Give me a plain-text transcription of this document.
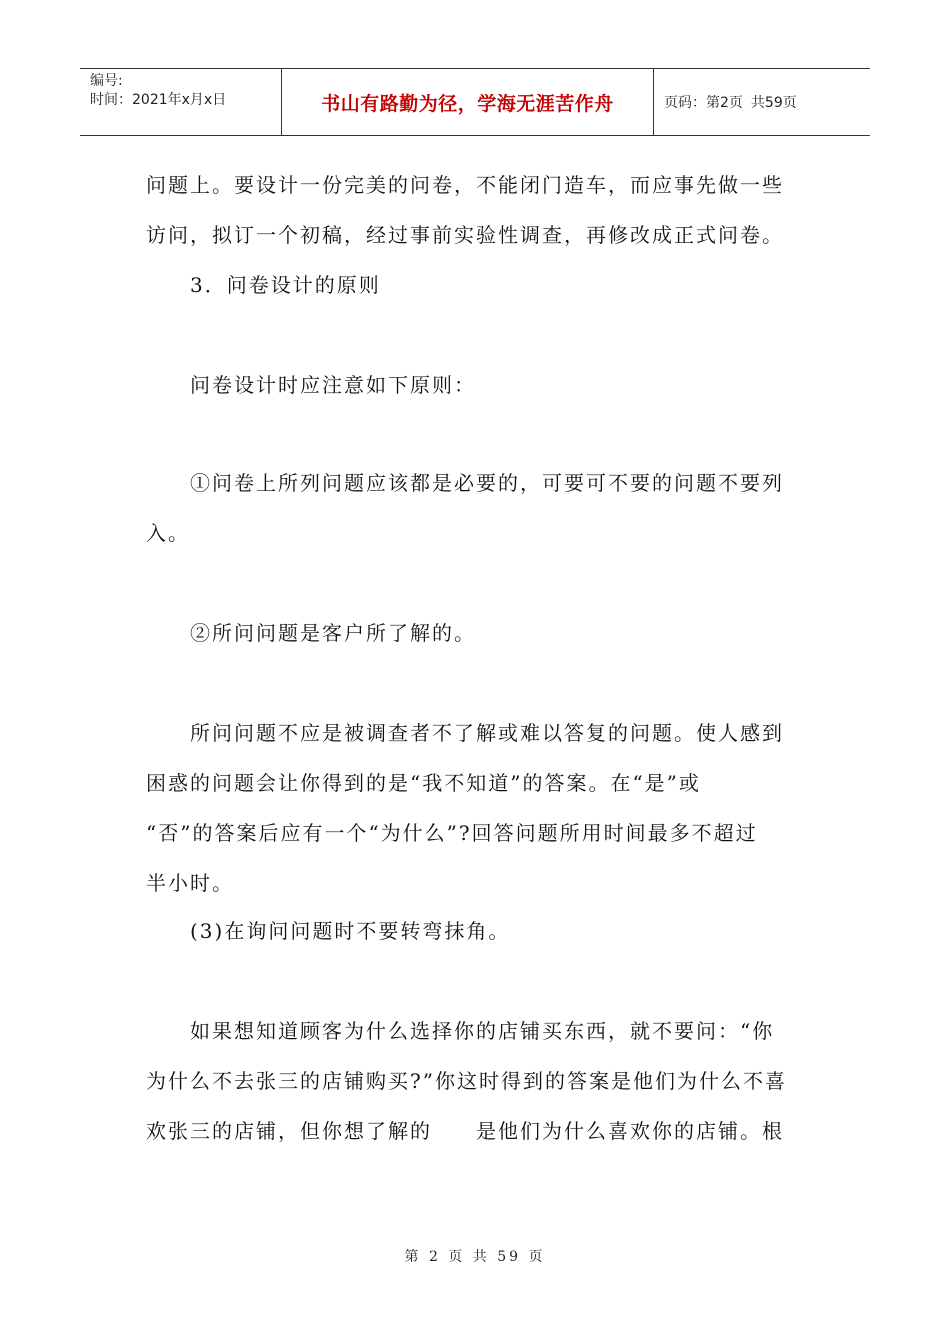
编号:
时间：2021年x月x日	书山有路勤为径，学海无涯苦作舟	页码：第2页 共59页
问题上。要设计一份完美的问卷，不能闭门造车，而应事先做一些
访问，拟订一个初稿，经过事前实验性调查，再修改成正式问卷。
3．问卷设计的原则
问卷设计时应注意如下原则：
①问卷上所列问题应该都是必要的，可要可不要的问题不要列
入。
②所问问题是客户所了解的。
所问问题不应是被调查者不了解或难以答复的问题。使人感到
困惑的问题会让你得到的是“我不知道”的答案。在“是”或
“否”的答案后应有一个“为什么”?回答问题所用时间最多不超过
半小时。
(3)在询问问题时不要转弯抹角。
如果想知道顾客为什么选择你的店铺买东西，就不要问：“你
为什么不去张三的店铺购买?”你这时得到的答案是他们为什么不喜
欢张三的店铺，但你想了解的　　是他们为什么喜欢你的店铺。根
第 2 页 共 59 页
